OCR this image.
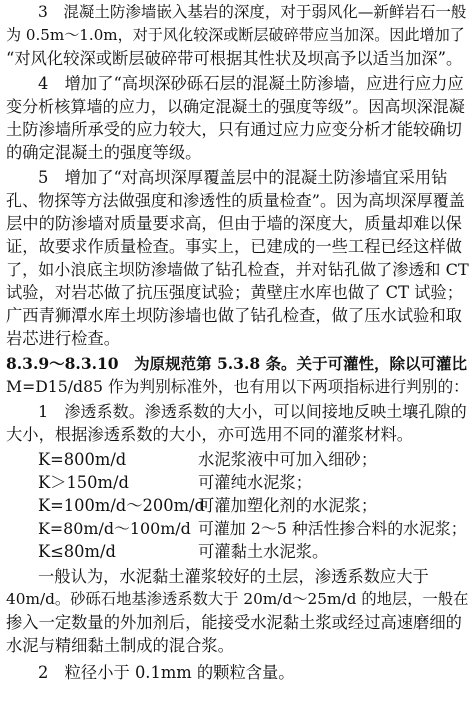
3　混凝土防渗墙嵌入基岩的深度，对于弱风化—新鲜岩石一般
为 0.5m～1.0m，对于风化较深或断层破碎带应当加深。因此增加了
“对风化较深或断层破碎带可根据其性状及坝高予以适当加深”。
4　增加了“高坝深砂砾石层的混凝土防渗墙，应进行应力应
变分析核算墙的应力，以确定混凝土的强度等级”。因高坝深混凝
土防渗墙所承受的应力较大，只有通过应力应变分析才能较确切
的确定混凝土的强度等级。
5　增加了“对高坝深厚覆盖层中的混凝土防渗墙宜采用钻
孔、物探等方法做强度和渗透性的质量检查”。因为高坝深厚覆盖
层中的防渗墙对质量要求高，但由于墙的深度大，质量却难以保
证，故要求作质量检查。事实上，已建成的一些工程已经这样做
了，如小浪底主坝防渗墙做了钻孔检查，并对钻孔做了渗透和 CT
试验，对岩芯做了抗压强度试验；黄壁庄水库也做了 CT 试验；
广西青狮潭水库土坝防渗墙也做了钻孔检查，做了压水试验和取
岩芯进行检查。
8.3.9～8.3.10　为原规范第 5.3.8 条。关于可灌性，除以可灌比
M=D15/d85 作为判别标准外，也有用以下两项指标进行判别的：
1　渗透系数。渗透系数的大小，可以间接地反映土壤孔隙的
大小，根据渗透系数的大小，亦可选用不同的灌浆材料。
K=800m/d	水泥浆液中可加入细砂；
K＞150m/d	可灌纯水泥浆；
K=100m/d～200m/d可灌加塑化剂的水泥浆；
K=80m/d～100m/d 可灌加 2～5 种活性掺合料的水泥浆；
K≤80m/d	可灌黏土水泥浆。
一般认为，水泥黏土灌浆较好的土层，渗透系数应大于
40m/d。砂砾石地基渗透系数大于 20m/d～25m/d 的地层，一般在
掺入一定数量的外加剂后，能接受水泥黏土浆或经过高速磨细的
水泥与精细黏土制成的混合浆。
2　粒径小于 0.1mm 的颗粒含量。
